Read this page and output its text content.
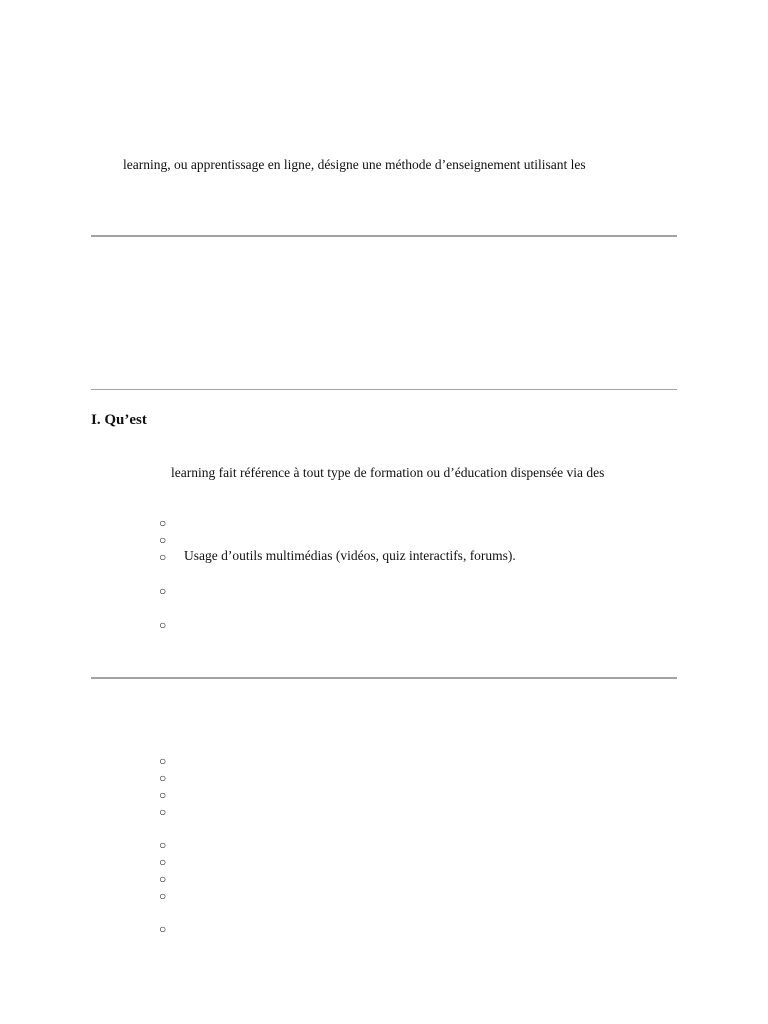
learning, ou apprentissage en ligne, désigne une méthode d’enseignement utilisant les
I. Qu’est
learning fait référence à tout type de formation ou d’éducation dispensée via des
○
○
○ Usage d’outils multimédias (vidéos, quiz interactifs, forums).
○
○
○
○
○
○
○
○
○
○
○
